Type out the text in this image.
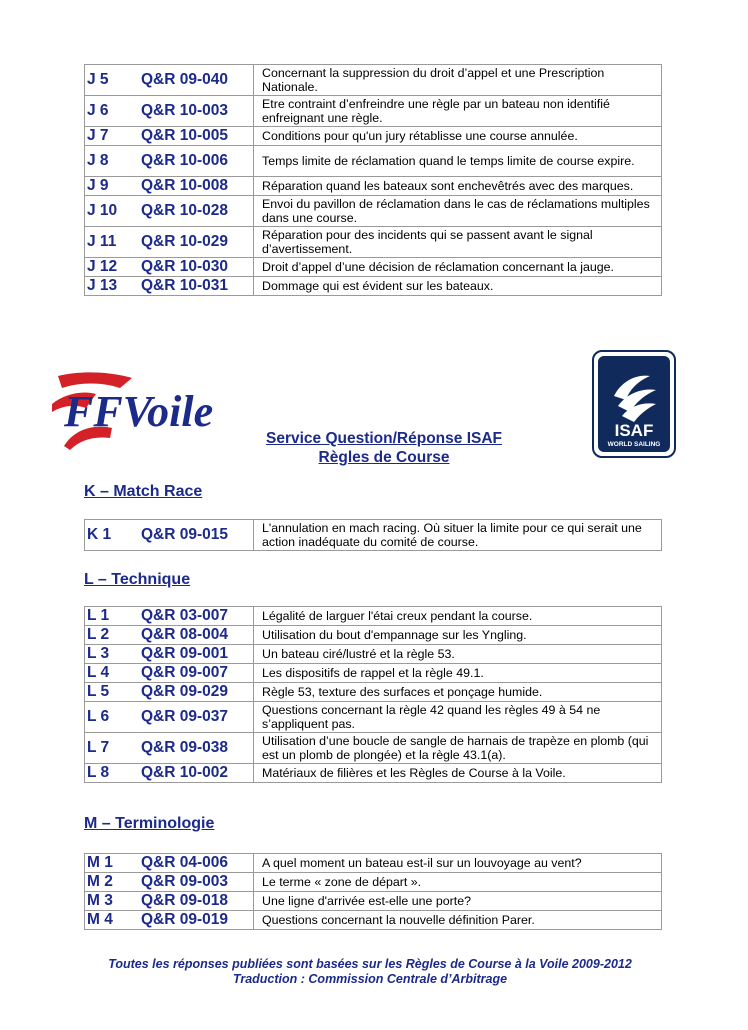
J 5	Q&R 09-040	Concernant la suppression du droit d’appel et une Prescription Nationale.
J 6	Q&R 10-003	Etre contraint d’enfreindre une règle par un bateau non identifié enfreignant une règle.
J 7	Q&R 10-005	Conditions pour qu'un jury rétablisse une course annulée.
J 8	Q&R 10-006	Temps limite de réclamation quand le temps limite de course expire.
J 9	Q&R 10-008	Réparation quand les bateaux sont enchevêtrés avec des marques.
J 10	Q&R 10-028	Envoi du pavillon de réclamation dans le cas de réclamations multiples dans une course.
J 11	Q&R 10-029	Réparation pour des incidents qui se passent avant le signal d’avertissement.
J 12	Q&R 10-030	Droit d’appel d’une décision de réclamation concernant la jauge.
J 13	Q&R 10-031	Dommage qui est évident sur les bateaux.
FFVoile	ISAF
WORLD SAILING
Service Question/Réponse ISAF
Règles de Course
K – Match Race
K 1	Q&R 09-015	L'annulation en mach racing. Où situer la limite pour ce qui serait une action inadéquate du comité de course.
L – Technique
L 1	Q&R 03-007	Légalité de larguer l'étai creux pendant la course.
L 2	Q&R 08-004	Utilisation du bout d'empannage sur les Yngling.
L 3	Q&R 09-001	Un bateau ciré/lustré et la règle 53.
L 4	Q&R 09-007	Les dispositifs de rappel et la règle 49.1.
L 5	Q&R 09-029	Règle 53, texture des surfaces et ponçage humide.
L 6	Q&R 09-037	Questions concernant la règle 42 quand les règles 49 à 54 ne s’appliquent pas.
L 7	Q&R 09-038	Utilisation d’une boucle de sangle de harnais de trapèze en plomb (qui est un plomb de plongée) et la règle 43.1(a).
L 8	Q&R 10-002	Matériaux de filières et les Règles de Course à la Voile.
M – Terminologie
M 1	Q&R 04-006	A quel moment un bateau est-il sur un louvoyage au vent?
M 2	Q&R 09-003	Le terme « zone de départ ».
M 3	Q&R 09-018	Une ligne d'arrivée est-elle une porte?
M 4	Q&R 09-019	Questions concernant la nouvelle définition Parer.
Toutes les réponses publiées sont basées sur les Règles de Course à la Voile 2009-2012
Traduction : Commission Centrale d’Arbitrage
